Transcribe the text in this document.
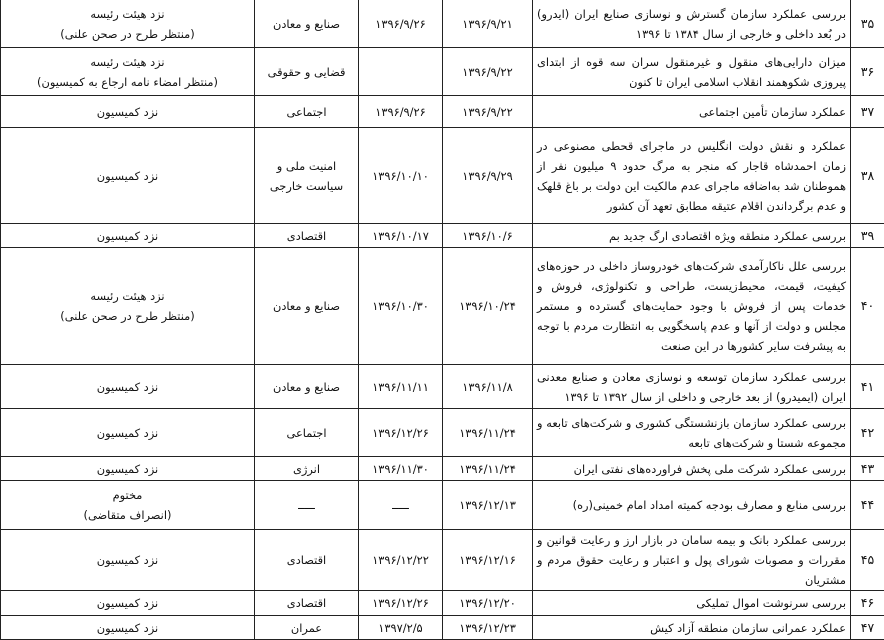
۳۵	بررسی عملکرد سازمان گسترش و نوسازی صنایع ایران (ایدرو) در بُعد داخلی و خارجی از سال ۱۳۸۴ تا ۱۳۹۶	۱۳۹۶/۹/۲۱	۱۳۹۶/۹/۲۶	صنایع و معادن	نزد هیئت رئیسه
(منتظر طرح در صحن علنی)

۳۶	میزان دارایی‌های منقول و غیرمنقول سران سه قوه از ابتدای پیروزی شکوهمند انقلاب اسلامی ایران تا کنون	۱۳۹۶/۹/۲۲		قضایی و حقوقی	نزد هیئت رئیسه
(منتظر امضاء نامه ارجاع به کمیسیون)

۳۷	عملکرد سازمان تأمین اجتماعی	۱۳۹۶/۹/۲۲	۱۳۹۶/۹/۲۶	اجتماعی	نزد کمیسیون

۳۸	عملکرد و نقش دولت انگلیس در ماجرای قحطی مصنوعی در زمان احمدشاه قاجار که منجر به مرگ حدود ۹ میلیون نفر از هموطنان شد به‌اضافه ماجرای عدم مالکیت این دولت بر باغ قلهک و عدم برگرداندن اقلام عتیقه مطابق تعهد آن کشور	۱۳۹۶/۹/۲۹	۱۳۹۶/۱۰/۱۰	امنیت ملی و
سیاست خارجی	نزد کمیسیون

۳۹	بررسی عملکرد منطقه ویژه اقتصادی ارگ جدید بم	۱۳۹۶/۱۰/۶	۱۳۹۶/۱۰/۱۷	اقتصادی	نزد کمیسیون

۴۰	بررسی علل ناکارآمدی شرکت‌های خودروساز داخلی در حوزه‌های کیفیت، قیمت، محیط‌زیست، طراحی و تکنولوژی، فروش و خدمات پس از فروش با وجود حمایت‌های گسترده و مستمر مجلس و دولت از آنها و عدم پاسخگویی به انتظارت مردم با توجه به پیشرفت سایر کشورها در این صنعت	۱۳۹۶/۱۰/۲۴	۱۳۹۶/۱۰/۳۰	صنایع و معادن	نزد هیئت رئیسه
(منتظر طرح در صحن علنی)

۴۱	بررسی عملکرد سازمان توسعه و نوسازی معادن و صنایع معدنی ایران (ایمیدرو) از بعد خارجی و داخلی از سال ۱۳۹۲ تا ۱۳۹۶	۱۳۹۶/۱۱/۸	۱۳۹۶/۱۱/۱۱	صنایع و معادن	نزد کمیسیون

۴۲	بررسی عملکرد سازمان بازنشستگی کشوری و شرکت‌های تابعه و مجموعه شستا و شرکت‌های تابعه	۱۳۹۶/۱۱/۲۴	۱۳۹۶/۱۲/۲۶	اجتماعی	نزد کمیسیون

۴۳	بررسی عملکرد شرکت ملی پخش فراورده‌های نفتی ایران	۱۳۹۶/۱۱/۲۴	۱۳۹۶/۱۱/۳۰	انرژی	نزد کمیسیون

۴۴	بررسی منابع و مصارف بودجه کمیته امداد امام خمینی(ره)	۱۳۹۶/۱۲/۱۳	ـــــ	ـــــ	مختوم
(انصراف متقاضی)

۴۵	بررسی عملکرد بانک و بیمه سامان در بازار ارز و رعایت قوانین و مقررات و مصوبات شورای پول و اعتبار و رعایت حقوق مردم و مشتریان	۱۳۹۶/۱۲/۱۶	۱۳۹۶/۱۲/۲۲	اقتصادی	نزد کمیسیون

۴۶	بررسی سرنوشت اموال تملیکی	۱۳۹۶/۱۲/۲۰	۱۳۹۶/۱۲/۲۶	اقتصادی	نزد کمیسیون

۴۷	عملکرد عمرانی سازمان منطقه آزاد کیش	۱۳۹۶/۱۲/۲۳	۱۳۹۷/۲/۵	عمران	نزد کمیسیون
